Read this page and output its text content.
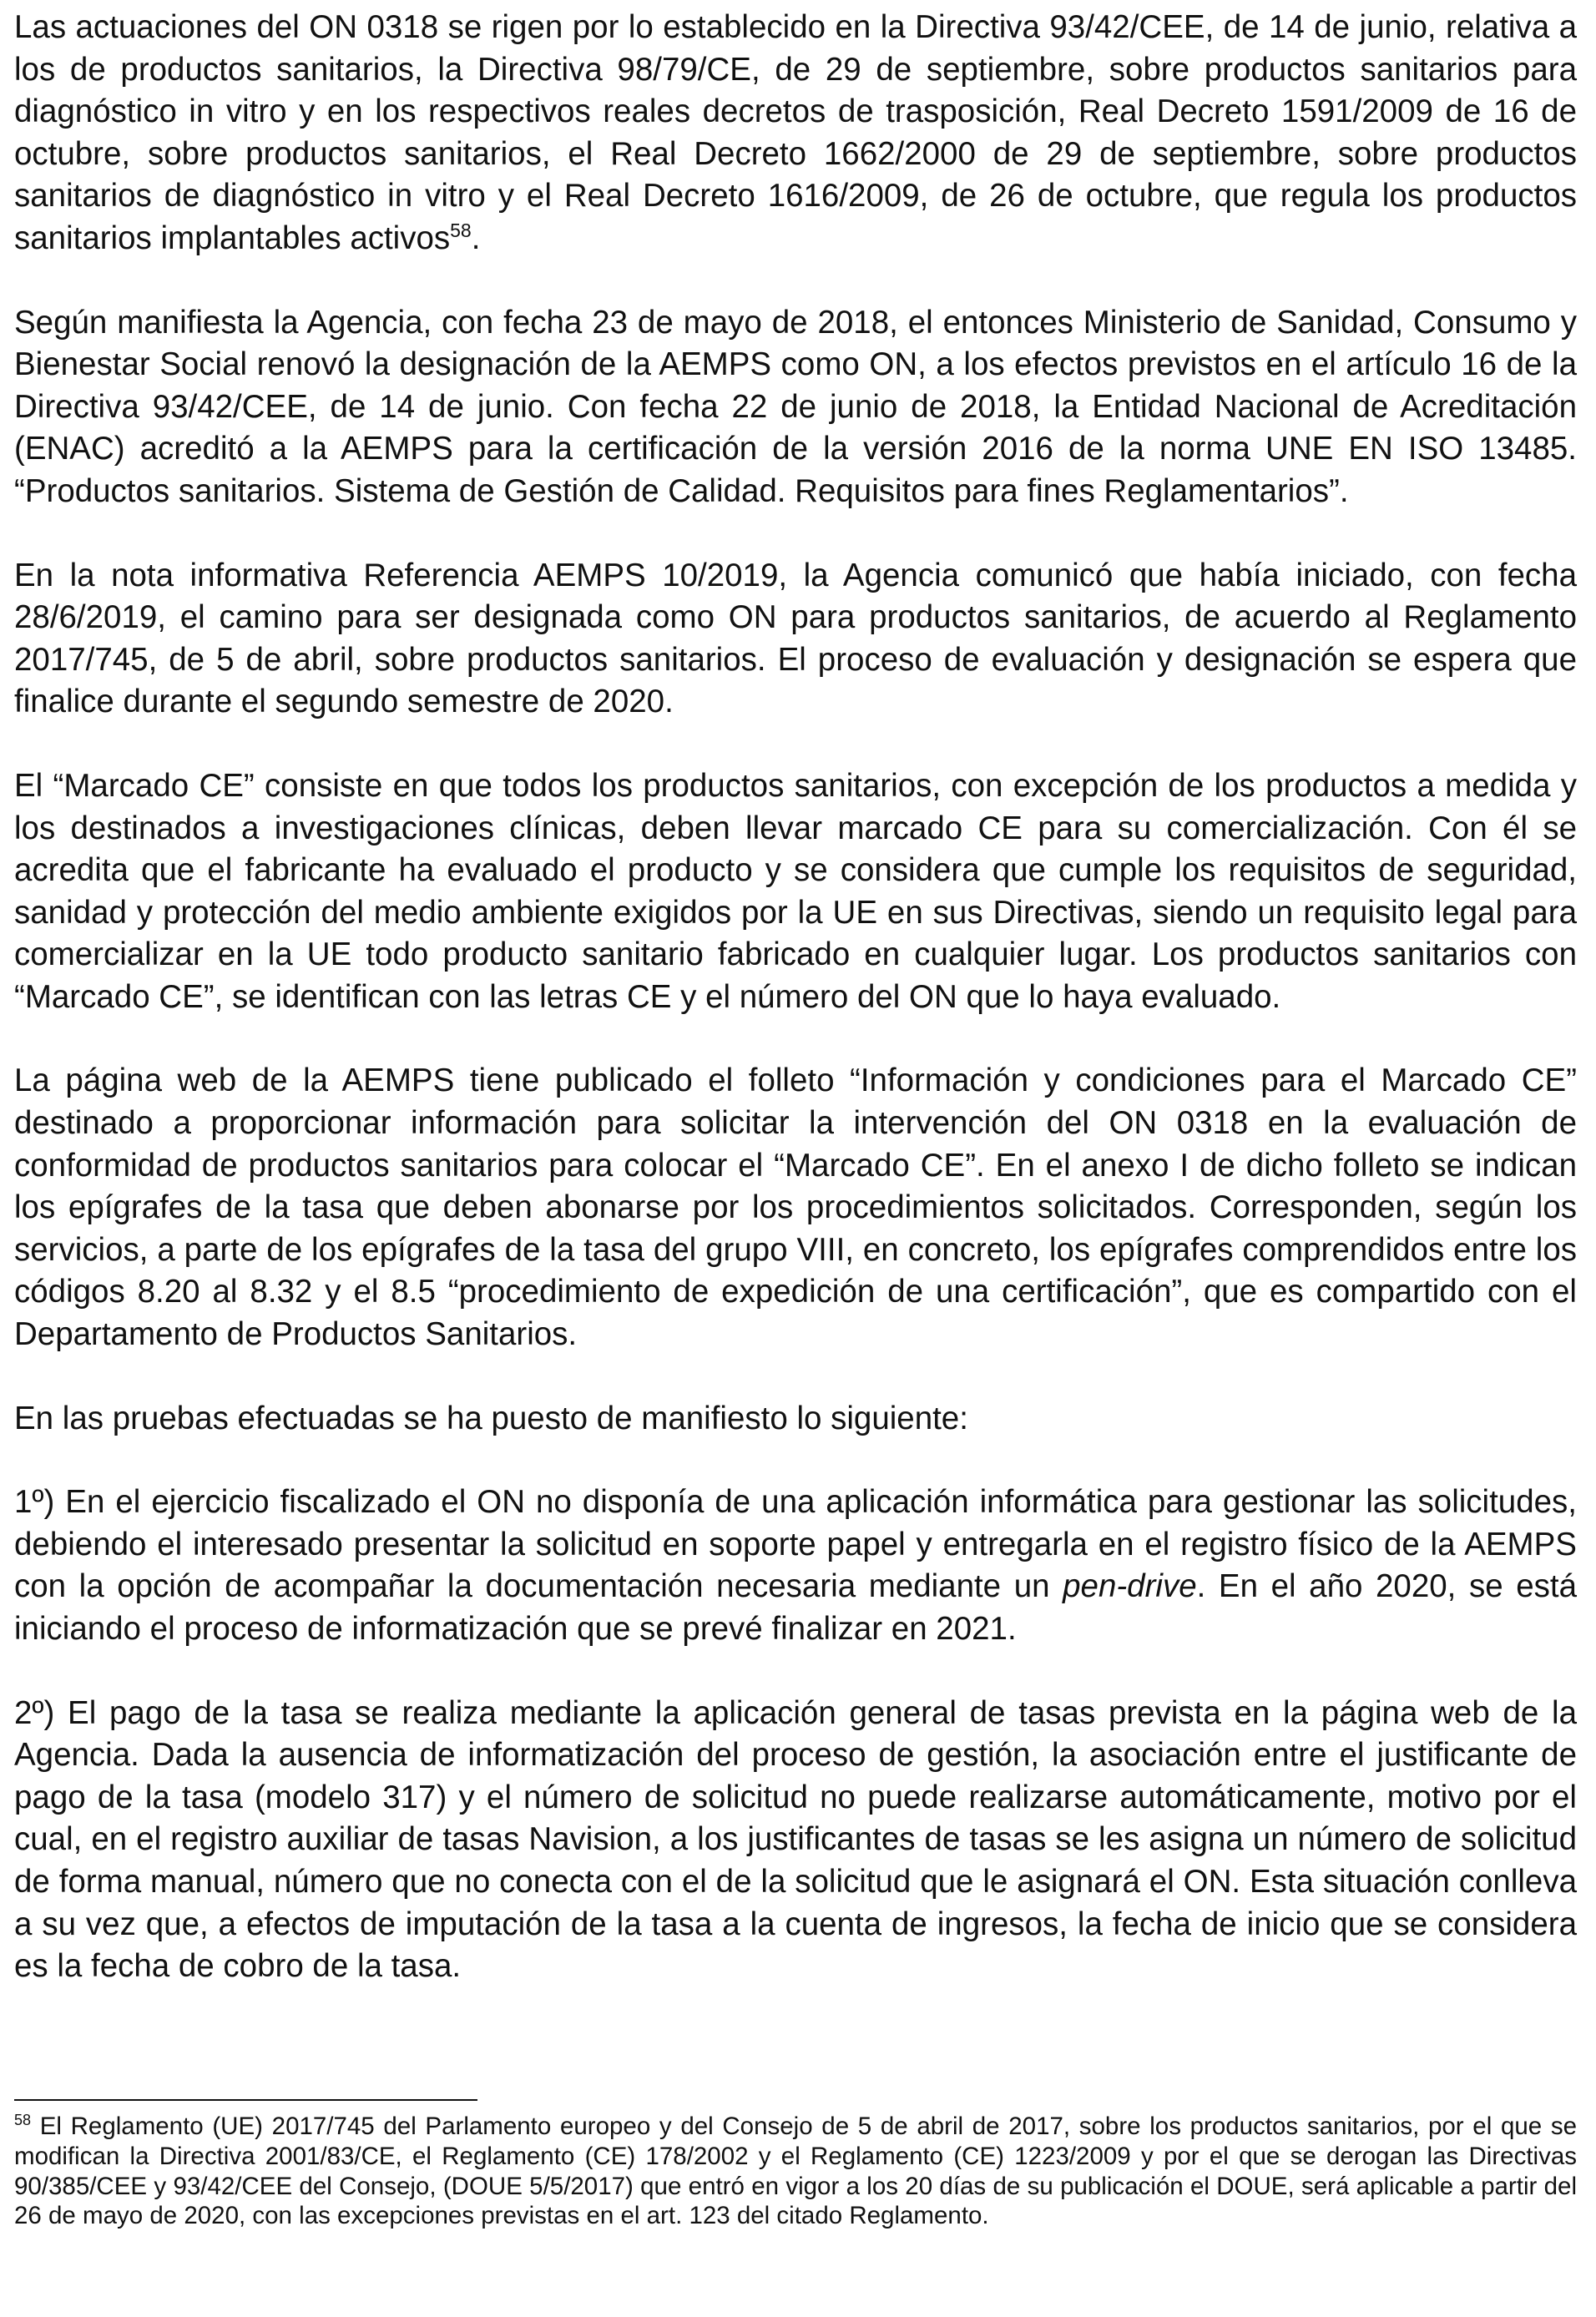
Las actuaciones del ON 0318 se rigen por lo establecido en la Directiva 93/42/CEE, de 14 de junio, relativa a los de productos sanitarios, la Directiva 98/79/CE, de 29 de septiembre, sobre productos sanitarios para diagnóstico in vitro y en los respectivos reales decretos de trasposición, Real Decreto 1591/2009 de 16 de octubre, sobre productos sanitarios, el Real Decreto 1662/2000 de 29 de septiembre, sobre productos sanitarios de diagnóstico in vitro y el Real Decreto 1616/2009, de 26 de octubre, que regula los productos sanitarios implantables activos$^{58}$.

Según manifiesta la Agencia, con fecha 23 de mayo de 2018, el entonces Ministerio de Sanidad, Consumo y Bienestar Social renovó la designación de la AEMPS como ON, a los efectos previstos en el artículo 16 de la Directiva 93/42/CEE, de 14 de junio. Con fecha 22 de junio de 2018, la Entidad Nacional de Acreditación (ENAC) acreditó a la AEMPS para la certificación de la versión 2016 de la norma UNE EN ISO 13485. “Productos sanitarios. Sistema de Gestión de Calidad. Requisitos para fines Reglamentarios”.

En la nota informativa Referencia AEMPS 10/2019, la Agencia comunicó que había iniciado, con fecha 28/6/2019, el camino para ser designada como ON para productos sanitarios, de acuerdo al Reglamento 2017/745, de 5 de abril, sobre productos sanitarios. El proceso de evaluación y designación se espera que finalice durante el segundo semestre de 2020.

El “Marcado CE” consiste en que todos los productos sanitarios, con excepción de los productos a medida y los destinados a investigaciones clínicas, deben llevar marcado CE para su comercialización. Con él se acredita que el fabricante ha evaluado el producto y se considera que cumple los requisitos de seguridad, sanidad y protección del medio ambiente exigidos por la UE en sus Directivas, siendo un requisito legal para comercializar en la UE todo producto sanitario fabricado en cualquier lugar. Los productos sanitarios con “Marcado CE”, se identifican con las letras CE y el número del ON que lo haya evaluado.

La página web de la AEMPS tiene publicado el folleto “Información y condiciones para el Marcado CE” destinado a proporcionar información para solicitar la intervención del ON 0318 en la evaluación de conformidad de productos sanitarios para colocar el “Marcado CE”. En el anexo I de dicho folleto se indican los epígrafes de la tasa que deben abonarse por los procedimientos solicitados. Corresponden, según los servicios, a parte de los epígrafes de la tasa del grupo VIII, en concreto, los epígrafes comprendidos entre los códigos 8.20 al 8.32 y el 8.5 “procedimiento de expedición de una certificación”, que es compartido con el Departamento de Productos Sanitarios.

En las pruebas efectuadas se ha puesto de manifiesto lo siguiente:

1º) En el ejercicio fiscalizado el ON no disponía de una aplicación informática para gestionar las solicitudes, debiendo el interesado presentar la solicitud en soporte papel y entregarla en el registro físico de la AEMPS con la opción de acompañar la documentación necesaria mediante un pen-drive. En el año 2020, se está iniciando el proceso de informatización que se prevé finalizar en 2021.

2º) El pago de la tasa se realiza mediante la aplicación general de tasas prevista en la página web de la Agencia. Dada la ausencia de informatización del proceso de gestión, la asociación entre el justificante de pago de la tasa (modelo 317) y el número de solicitud no puede realizarse automáticamente, motivo por el cual, en el registro auxiliar de tasas Navision, a los justificantes de tasas se les asigna un número de solicitud de forma manual, número que no conecta con el de la solicitud que le asignará el ON. Esta situación conlleva a su vez que, a efectos de imputación de la tasa a la cuenta de ingresos, la fecha de inicio que se considera es la fecha de cobro de la tasa.

$^{58}$ El Reglamento (UE) 2017/745 del Parlamento europeo y del Consejo de 5 de abril de 2017, sobre los productos sanitarios, por el que se modifican la Directiva 2001/83/CE, el Reglamento (CE) 178/2002 y el Reglamento (CE) 1223/2009 y por el que se derogan las Directivas 90/385/CEE y 93/42/CEE del Consejo, (DOUE 5/5/2017) que entró en vigor a los 20 días de su publicación el DOUE, será aplicable a partir del 26 de mayo de 2020, con las excepciones previstas en el art. 123 del citado Reglamento.
